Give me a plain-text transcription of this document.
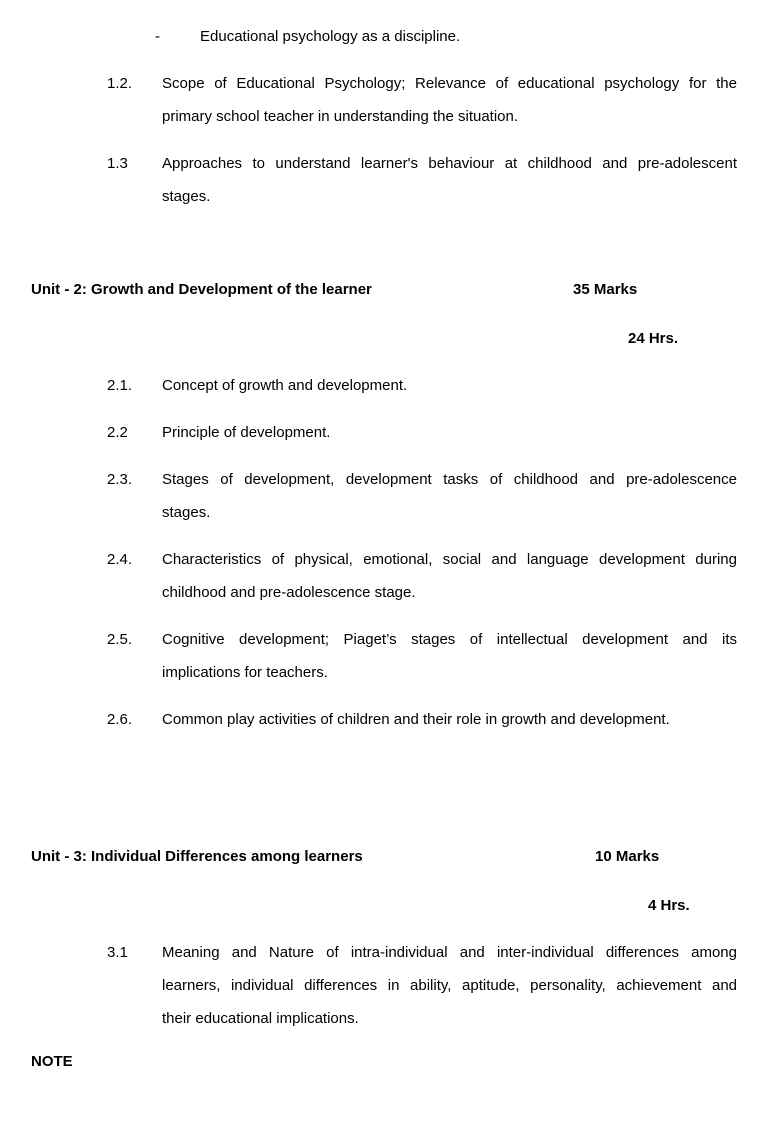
-	Educational psychology as a discipline.
1.2.	Scope of Educational Psychology; Relevance of educational psychology for the
primary school teacher in understanding the situation.
1.3	Approaches to understand learner's behaviour at childhood and pre-adolescent
stages.
Unit - 2: Growth and Development of the learner	35 Marks
24 Hrs.
2.1.	Concept of growth and development.
2.2	Principle of development.
2.3.	Stages of development, development tasks of childhood and pre-adolescence
stages.
2.4.	Characteristics of physical, emotional, social and language development during
childhood and pre-adolescence stage.
2.5.	Cognitive development; Piaget’s stages of intellectual development and its
implications for teachers.
2.6.	Common play activities of children and their role in growth and development.
Unit - 3: Individual Differences among learners	10 Marks
4 Hrs.
3.1	Meaning and Nature of intra-individual and inter-individual differences among
learners, individual differences in ability, aptitude, personality, achievement and
their educational implications.
NOTE
